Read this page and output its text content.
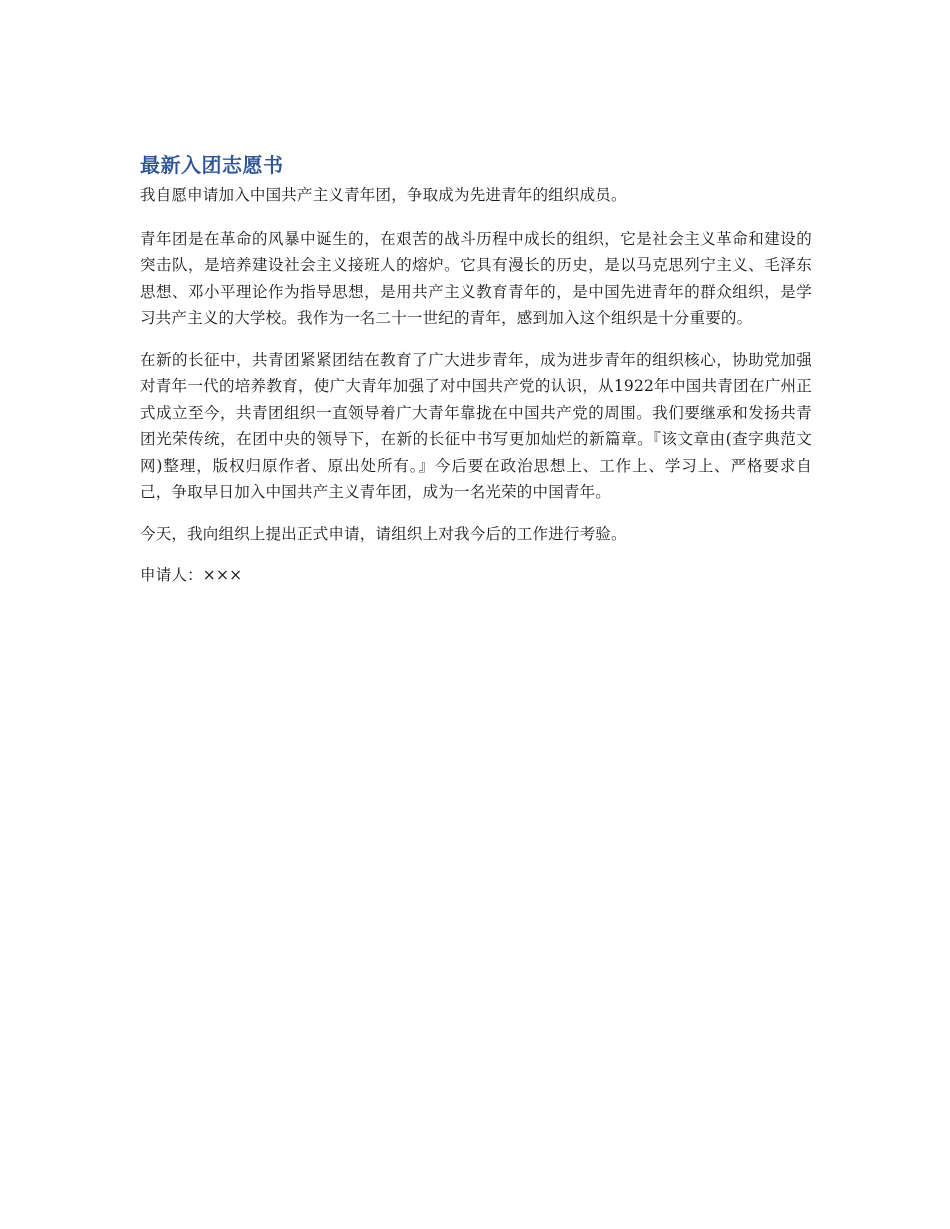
最新入团志愿书

我自愿申请加入中国共产主义青年团，争取成为先进青年的组织成员。

青年团是在革命的风暴中诞生的，在艰苦的战斗历程中成长的组织，它是社会主义革命和建设的突击队，是培养建设社会主义接班人的熔炉。它具有漫长的历史，是以马克思列宁主义、毛泽东思想、邓小平理论作为指导思想，是用共产主义教育青年的，是中国先进青年的群众组织，是学习共产主义的大学校。我作为一名二十一世纪的青年，感到加入这个组织是十分重要的。

在新的长征中，共青团紧紧团结在教育了广大进步青年，成为进步青年的组织核心，协助党加强对青年一代的培养教育，使广大青年加强了对中国共产党的认识，从1922年中国共青团在广州正式成立至今，共青团组织一直领导着广大青年靠拢在中国共产党的周围。我们要继承和发扬共青团光荣传统，在团中央的领导下，在新的长征中书写更加灿烂的新篇章。『该文章由(查字典范文网)整理，版权归原作者、原出处所有。』今后要在政治思想上、工作上、学习上、严格要求自己，争取早日加入中国共产主义青年团，成为一名光荣的中国青年。

今天，我向组织上提出正式申请，请组织上对我今后的工作进行考验。

申请人：×××
